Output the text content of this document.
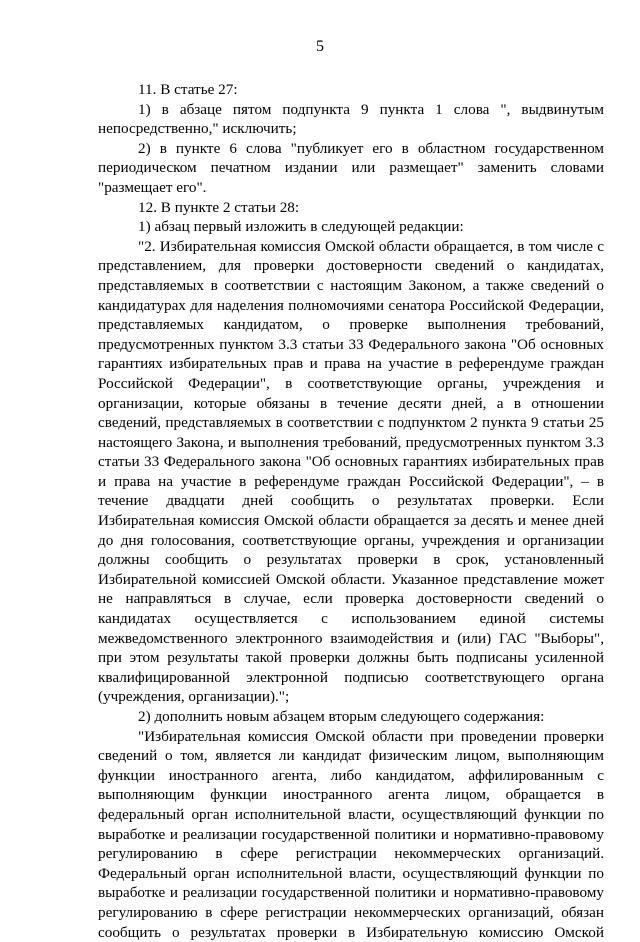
5

11. В статье 27:

1) в абзаце пятом подпункта 9 пункта 1 слова ", выдвинутым непосредственно," исключить;

2) в пункте 6 слова "публикует его в областном государственном периодическом печатном издании или размещает" заменить словами "размещает его".

12. В пункте 2 статьи 28:

1) абзац первый изложить в следующей редакции:

"2. Избирательная комиссия Омской области обращается, в том числе с представлением, для проверки достоверности сведений о кандидатах, представляемых в соответствии с настоящим Законом, а также сведений о кандидатурах для наделения полномочиями сенатора Российской Федерации, представляемых кандидатом, о проверке выполнения требований, предусмотренных пунктом 3.3 статьи 33 Федерального закона "Об основных гарантиях избирательных прав и права на участие в референдуме граждан Российской Федерации", в соответствующие органы, учреждения и организации, которые обязаны в течение десяти дней, а в отношении сведений, представляемых в соответствии с подпунктом 2 пункта 9 статьи 25 настоящего Закона, и выполнения требований, предусмотренных пунктом 3.3 статьи 33 Федерального закона "Об основных гарантиях избирательных прав и права на участие в референдуме граждан Российской Федерации", – в течение двадцати дней сообщить о результатах проверки. Если Избирательная комиссия Омской области обращается за десять и менее дней до дня голосования, соответствующие органы, учреждения и организации должны сообщить о результатах проверки в срок, установленный Избирательной комиссией Омской области. Указанное представление может не направляться в случае, если проверка достоверности сведений о кандидатах осуществляется с использованием единой системы межведомственного электронного взаимодействия и (или) ГАС "Выборы", при этом результаты такой проверки должны быть подписаны усиленной квалифицированной электронной подписью соответствующего органа (учреждения, организации).";

2) дополнить новым абзацем вторым следующего содержания:

"Избирательная комиссия Омской области при проведении проверки сведений о том, является ли кандидат физическим лицом, выполняющим функции иностранного агента, либо кандидатом, аффилированным с выполняющим функции иностранного агента лицом, обращается в федеральный орган исполнительной власти, осуществляющий функции по выработке и реализации государственной политики и нормативно-правовому регулированию в сфере регистрации некоммерческих организаций. Федеральный орган исполнительной власти, осуществляющий функции по выработке и реализации государственной политики и нормативно-правовому регулированию в сфере регистрации некоммерческих организаций, обязан сообщить о результатах проверки в Избирательную комиссию Омской
